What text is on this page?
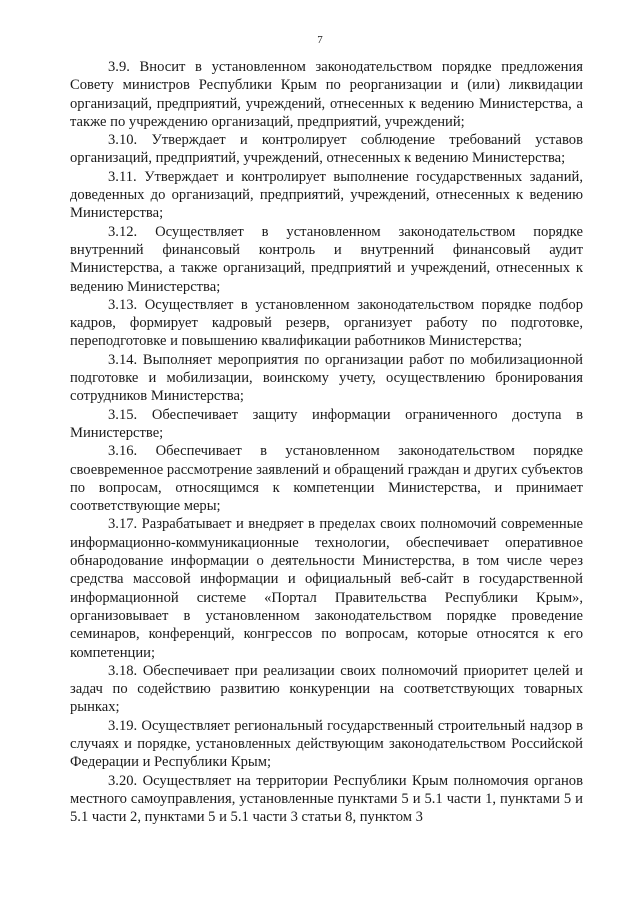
7

3.9. Вносит в установленном законодательством порядке предложения Совету министров Республики Крым по реорганизации и (или) ликвидации организаций, предприятий, учреждений, отнесенных к ведению Министерства, а также по учреждению организаций, предприятий, учреждений;

3.10. Утверждает и контролирует соблюдение требований уставов организаций, предприятий, учреждений, отнесенных к ведению Министерства;

3.11. Утверждает и контролирует выполнение государственных заданий, доведенных до организаций, предприятий, учреждений, отнесенных к ведению Министерства;

3.12. Осуществляет в установленном законодательством порядке внутренний финансовый контроль и внутренний финансовый аудит Министерства, а также организаций, предприятий и учреждений, отнесенных к ведению Министерства;

3.13. Осуществляет в установленном законодательством порядке подбор кадров, формирует кадровый резерв, организует работу по подготовке, переподготовке и повышению квалификации работников Министерства;

3.14. Выполняет мероприятия по организации работ по мобилизационной подготовке и мобилизации, воинскому учету, осуществлению бронирования сотрудников Министерства;

3.15. Обеспечивает защиту информации ограниченного доступа в Министерстве;

3.16. Обеспечивает в установленном законодательством порядке своевременное рассмотрение заявлений и обращений граждан и других субъектов по вопросам, относящимся к компетенции Министерства, и принимает соответствующие меры;

3.17. Разрабатывает и внедряет в пределах своих полномочий современные информационно-коммуникационные технологии, обеспечивает оперативное обнародование информации о деятельности Министерства, в том числе через средства массовой информации и официальный веб-сайт в государственной информационной системе «Портал Правительства Республики Крым», организовывает в установленном законодательством порядке проведение семинаров, конференций, конгрессов по вопросам, которые относятся к его компетенции;

3.18. Обеспечивает при реализации своих полномочий приоритет целей и задач по содействию развитию конкуренции на соответствующих товарных рынках;

3.19. Осуществляет региональный государственный строительный надзор в случаях и порядке, установленных действующим законодательством Российской Федерации и Республики Крым;

3.20. Осуществляет на территории Республики Крым полномочия органов местного самоуправления, установленные пунктами 5 и 5.1 части 1, пунктами 5 и 5.1 части 2, пунктами 5 и 5.1 части 3 статьи 8, пунктом 3
